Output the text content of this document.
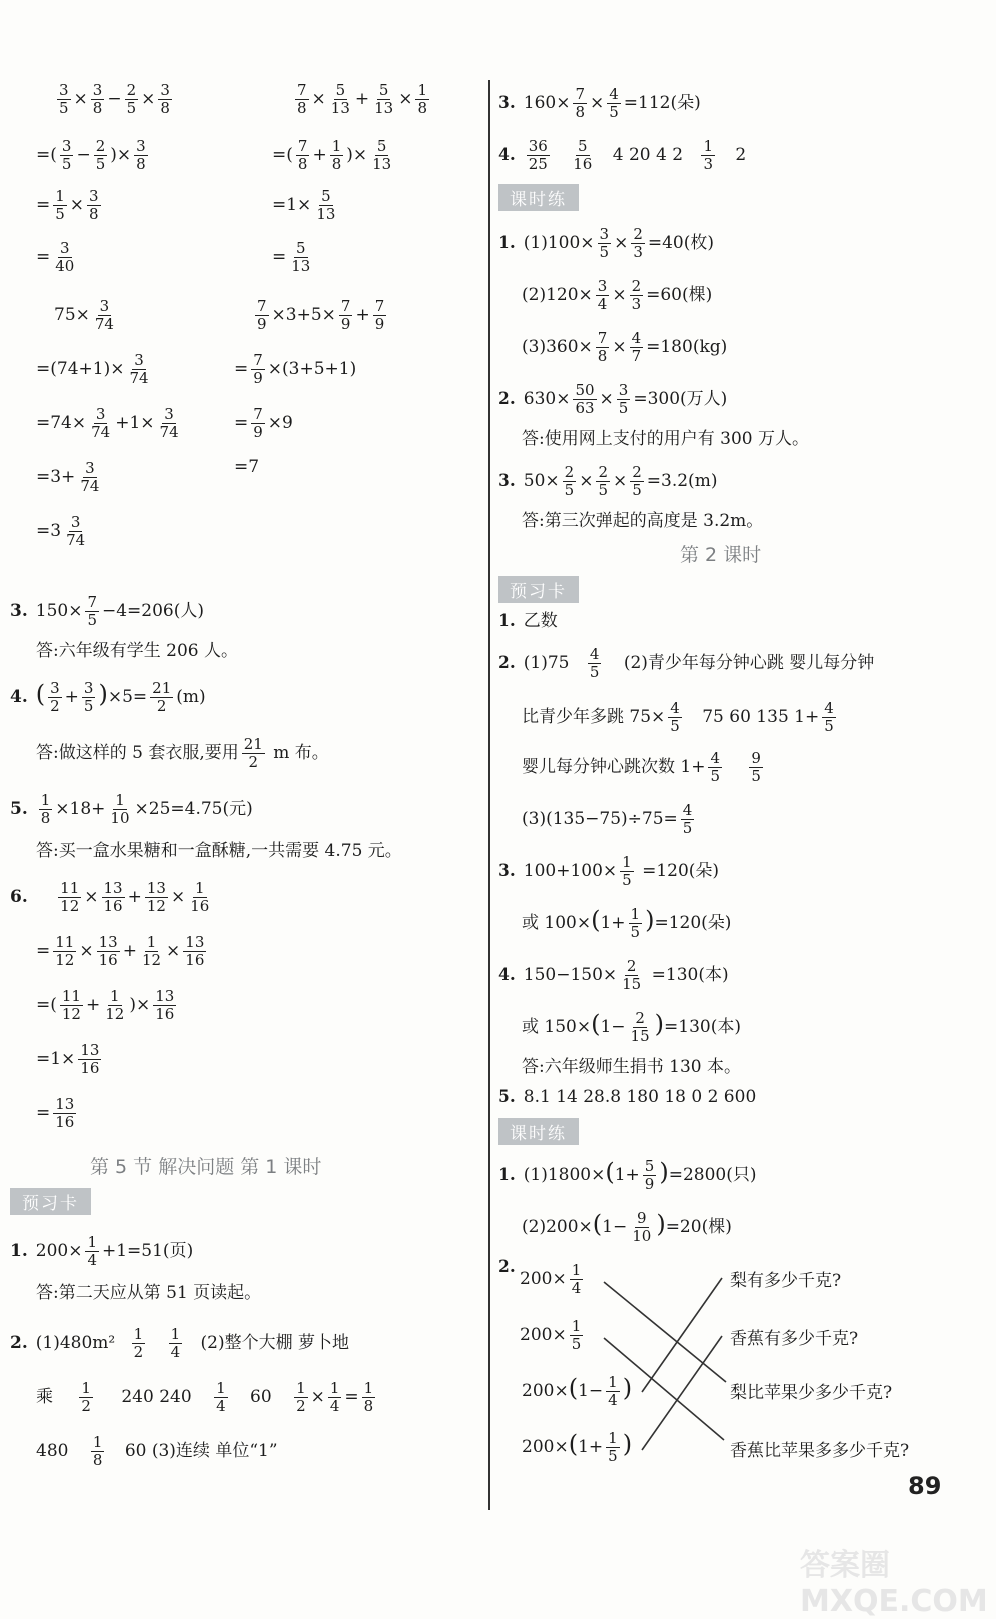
$\frac{3}{5} \times \frac{3}{8} - \frac{2}{5} \times \frac{3}{8}$
=( $\frac{3}{5} - \frac{2}{5}$ )× $\frac{3}{8}$
= $\frac{1}{5} \times \frac{3}{8}$
= $\frac{3}{40}$
$\frac{7}{8} \times \frac{5}{13} + \frac{5}{13} \times \frac{1}{8}$
=( $\frac{7}{8} + \frac{1}{8}$ )× $\frac{5}{13}$
$=1\times \frac{5}{13}$
= $\frac{5}{13}$
$75\times \frac{3}{74}$
$=(74+1)\times \frac{3}{74}$
$=74\times \frac{3}{74} +1\times \frac{3}{74}$
$=3+ \frac{3}{74}$
$=3 \frac{3}{74}$
$\frac{7}{9} \times 3+5\times \frac{7}{9} + \frac{7}{9}$
= $\frac{7}{9} \times(3+5+1)$
= $\frac{7}{9} \times 9$
=7
3. $150\times \frac{7}{5} -4=206$(人)
答:六年级有学生 206 人。
4. ( $\frac{3}{2} + \frac{3}{5} )\times 5= \frac{21}{2} (m)$
答:做这样的 5 套衣服,要用 $\frac{21}{2}$ m 布。
5. $\frac{1}{8} \times 18+ \frac{1}{10} \times 25=4.75$(元)
答:买一盒水果糖和一盒酥糖,一共需要 4.75 元。
6. $\frac{11}{12} \times \frac{13}{16} + \frac{13}{12} \times \frac{1}{16}$
= $\frac{11}{12} \times \frac{13}{16} + \frac{1}{12} \times \frac{13}{16}$
=( $\frac{11}{12} + \frac{1}{12}$ )× $\frac{13}{16}$
$=1\times \frac{13}{16}$
= $\frac{13}{16}$
第 5 节 解决问题 第 1 课时
预习卡
1. $200\times \frac{1}{4} +1=51$(页)
答:第二天应从第 51 页读起。
2. $(1)480m^2 \frac{1}{2}$
$\frac{1}{4} (2)$整个大棚 萝卜地
乘 $\frac{1}{2} 240$ $240 \frac{1}{4} 60 \frac{1}{2} \times \frac{1}{4} = \frac{1}{8}$
$480 \frac{1}{8} 60$ (3)连续 单位“1”
3. $160\times \frac{7}{8} \times \frac{4}{5} =112$(朵)
4. $\frac{36}{25}$
$\frac{5}{16} 4$ 20 4 $2 \frac{1}{3} 2$
课时练
1. $(1)100\times \frac{3}{5} \times \frac{2}{3} =40$(枚)
$(2)120\times \frac{3}{4} \times \frac{2}{3} =60$(棵)
$(3)360\times \frac{7}{8} \times \frac{4}{7} =180(kg)$
2. $630\times \frac{50}{63} \times \frac{3}{5} =300$(万人)
答:使用网上支付的用户有 300 万人。
3. $50\times \frac{2}{5} \times \frac{2}{5} \times \frac{2}{5} =3.2(m)$
答:第三次弹起的高度是 3.2m。
第 2 课时
预习卡
1. 乙数
2. $(1)75 \frac{4}{5} (2)$青少年每分钟心跳 婴儿每分钟
比青少年多跳 $75\times \frac{4}{5} 75$ 60 135 $1+ \frac{4}{5}$
婴儿每分钟心跳次数 $1+ \frac{4}{5}$
$\frac{9}{5}$
$(3)(135-75)\div 75= \frac{4}{5}$
3. $100+100\times \frac{1}{5} =120$(朵)
或 $100\times(1+ \frac{1}{5} )=120$(朵)
4. $150-150\times \frac{2}{15} =130$(本)
或 $150\times(1- \frac{2}{15} )=130$(本)
答:六年级师生捐书 130 本。
5. 8.1 14 28.8 180 18 0 2 600
课时练
1. $(1)1800\times(1+ \frac{5}{9} )=2800$(只)
$(2)200\times(1- \frac{9}{10} )=20$(棵)
2.
$200\times \frac{1}{4}$
$200\times \frac{1}{5}$
$200\times(1- \frac{1}{4}$ )
$200\times(1+ \frac{1}{5}$ )
梨有多少千克?
香蕉有多少千克?
梨比苹果少多少千克?
香蕉比苹果多多少千克?
89
答案圈 MXQE.COM
